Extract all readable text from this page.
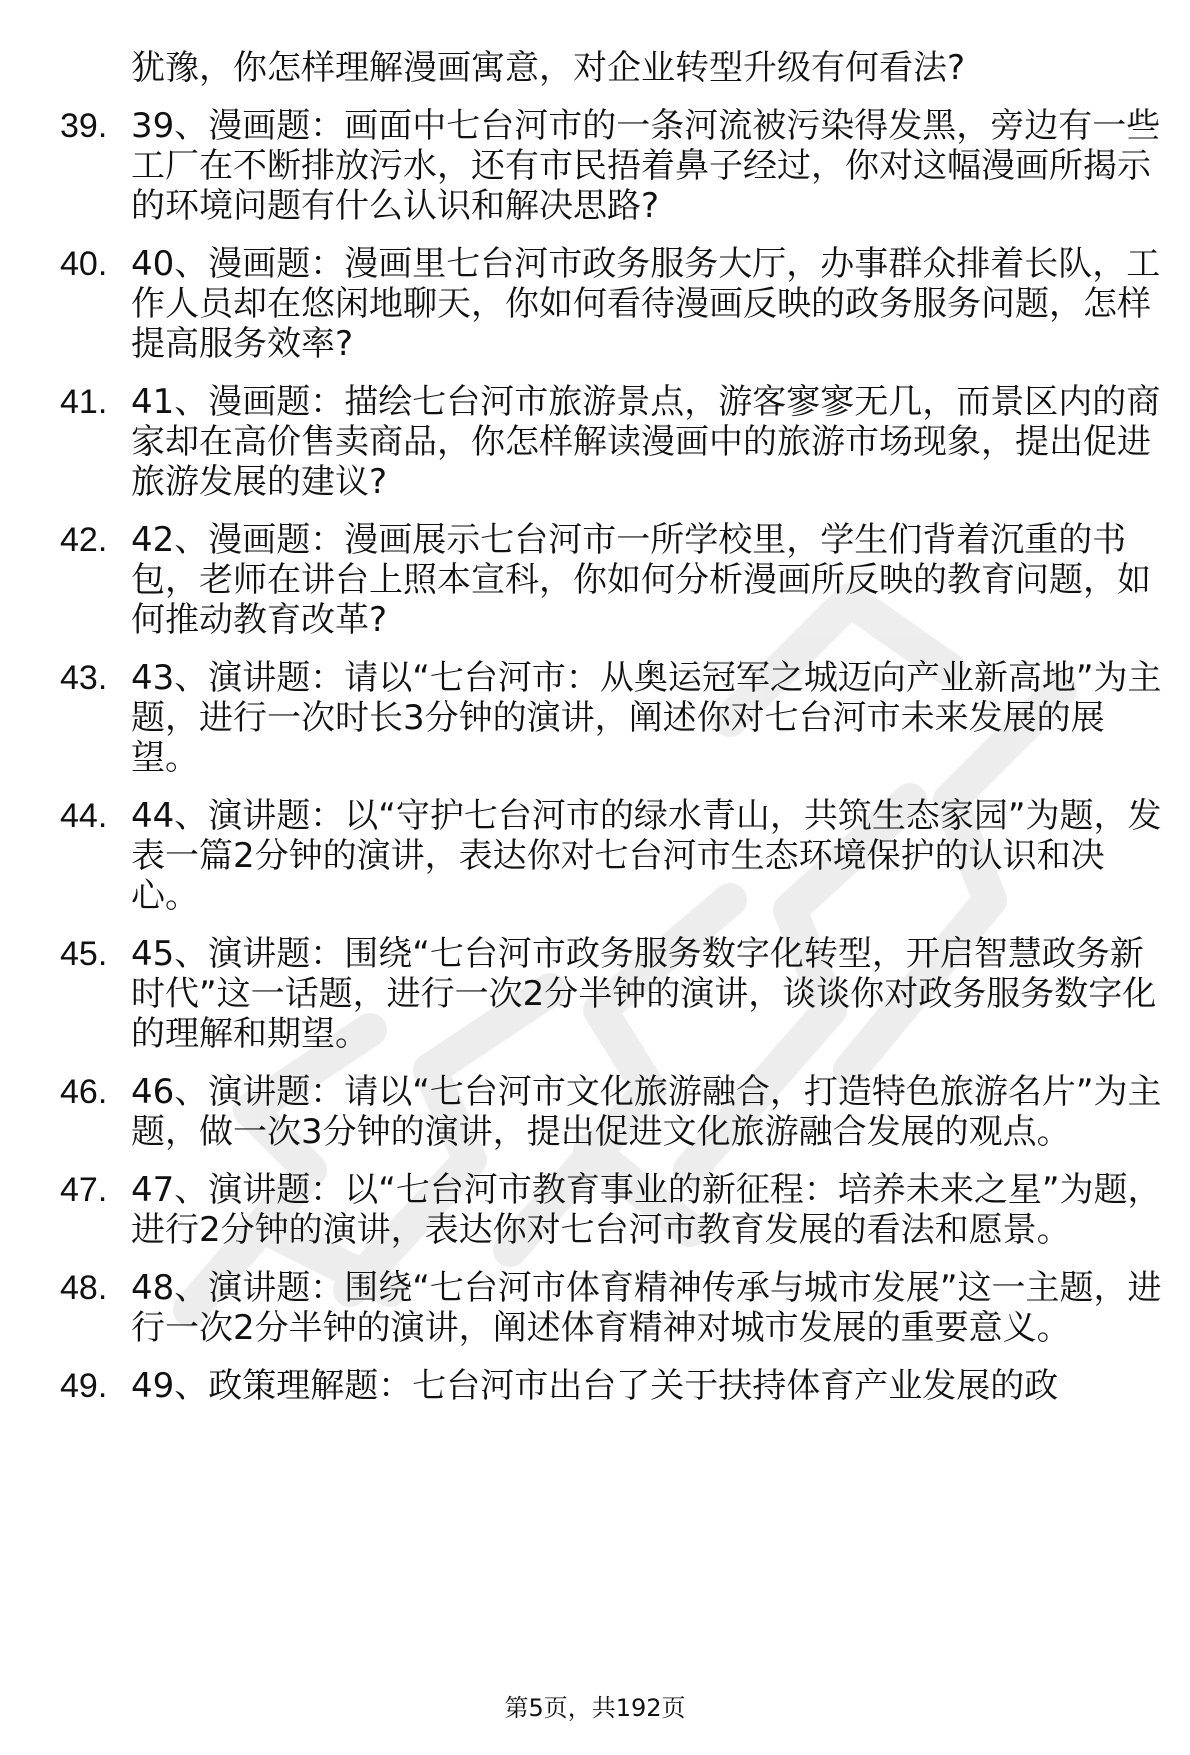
犹豫，你怎样理解漫画寓意，对企业转型升级有何看法?
39. 39、漫画题：画面中七台河市的一条河流被污染得发黑，旁边有一些工厂在不断排放污水，还有市民捂着鼻子经过，你对这幅漫画所揭示的环境问题有什么认识和解决思路?
40. 40、漫画题：漫画里七台河市政务服务大厅，办事群众排着长队，工作人员却在悠闲地聊天，你如何看待漫画反映的政务服务问题，怎样提高服务效率?
41. 41、漫画题：描绘七台河市旅游景点，游客寥寥无几，而景区内的商家却在高价售卖商品，你怎样解读漫画中的旅游市场现象，提出促进旅游发展的建议?
42. 42、漫画题：漫画展示七台河市一所学校里，学生们背着沉重的书包，老师在讲台上照本宣科，你如何分析漫画所反映的教育问题，如何推动教育改革?
43. 43、演讲题：请以“七台河市：从奥运冠军之城迈向产业新高地”为主题，进行一次时长3分钟的演讲，阐述你对七台河市未来发展的展望。
44. 44、演讲题：以“守护七台河市的绿水青山，共筑生态家园”为题，发表一篇2分钟的演讲，表达你对七台河市生态环境保护的认识和决心。
45. 45、演讲题：围绕“七台河市政务服务数字化转型，开启智慧政务新时代”这一话题，进行一次2分半钟的演讲，谈谈你对政务服务数字化的理解和期望。
46. 46、演讲题：请以“七台河市文化旅游融合，打造特色旅游名片”为主题，做一次3分钟的演讲，提出促进文化旅游融合发展的观点。
47. 47、演讲题：以“七台河市教育事业的新征程：培养未来之星”为题，进行2分钟的演讲，表达你对七台河市教育发展的看法和愿景。
48. 48、演讲题：围绕“七台河市体育精神传承与城市发展”这一主题，进行一次2分半钟的演讲，阐述体育精神对城市发展的重要意义。
49. 49、政策理解题：七台河市出台了关于扶持体育产业发展的政
第5页，共192页
